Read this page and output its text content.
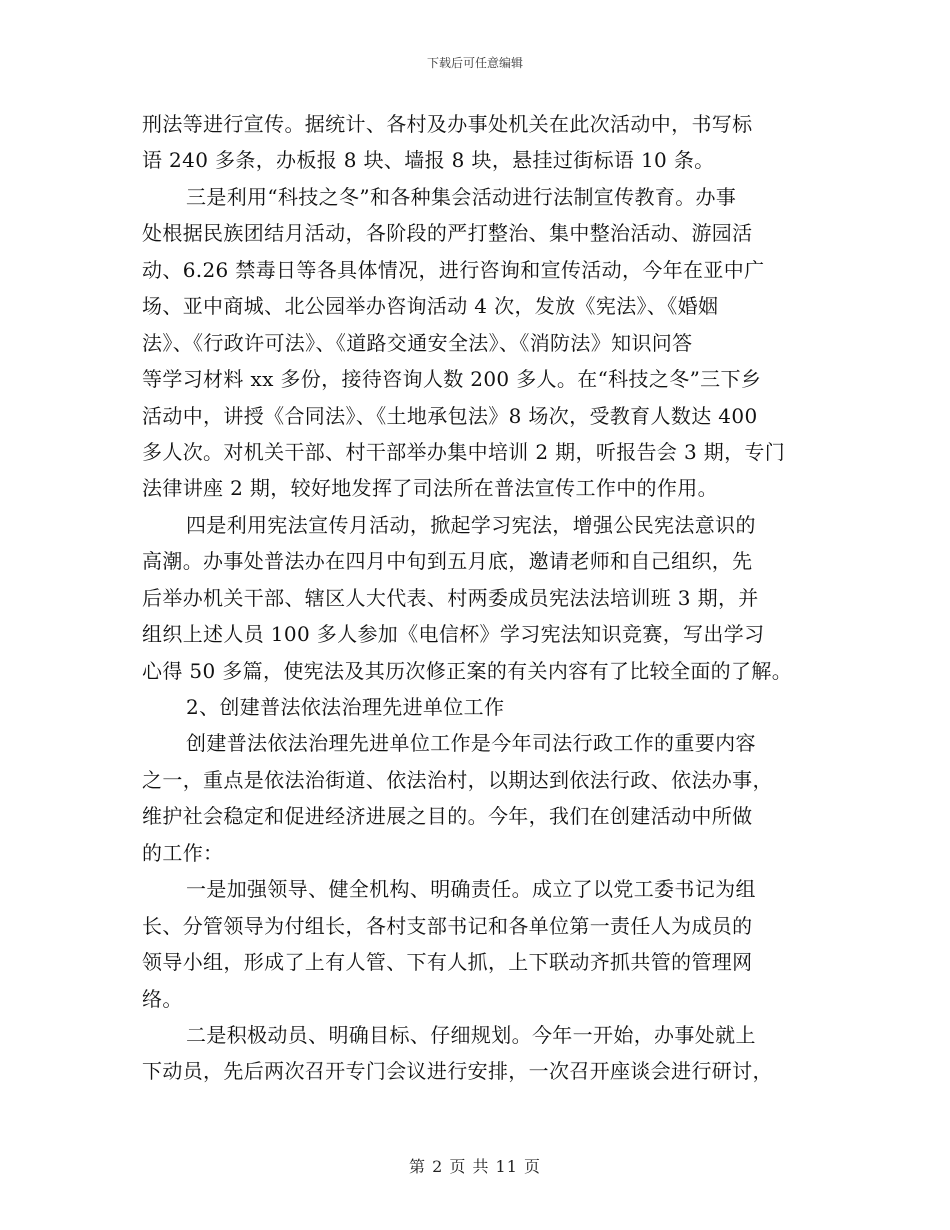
下载后可任意编辑
刑法等进行宣传。据统计、各村及办事处机关在此次活动中，书写标
语 240 多条，办板报 8 块、墙报 8 块，悬挂过街标语 10 条。
三是利用“科技之冬”和各种集会活动进行法制宣传教育。办事
处根据民族团结月活动，各阶段的严打整治、集中整治活动、游园活
动、6.26 禁毒日等各具体情况，进行咨询和宣传活动，今年在亚中广
场、亚中商城、北公园举办咨询活动 4 次，发放《宪法》、《婚姻
法》、《行政许可法》、《道路交通安全法》、《消防法》知识问答
等学习材料 xx 多份，接待咨询人数 200 多人。在“科技之冬”三下乡
活动中，讲授《合同法》、《土地承包法》8 场次，受教育人数达 400
多人次。对机关干部、村干部举办集中培训 2 期，听报告会 3 期，专门
法律讲座 2 期，较好地发挥了司法所在普法宣传工作中的作用。
四是利用宪法宣传月活动，掀起学习宪法，增强公民宪法意识的
高潮。办事处普法办在四月中旬到五月底，邀请老师和自己组织，先
后举办机关干部、辖区人大代表、村两委成员宪法法培训班 3 期，并
组织上述人员 100 多人参加《电信杯》学习宪法知识竞赛，写出学习
心得 50 多篇，使宪法及其历次修正案的有关内容有了比较全面的了解。
2、创建普法依法治理先进单位工作
创建普法依法治理先进单位工作是今年司法行政工作的重要内容
之一，重点是依法治街道、依法治村，以期达到依法行政、依法办事，
维护社会稳定和促进经济进展之目的。今年，我们在创建活动中所做
的工作：
一是加强领导、健全机构、明确责任。成立了以党工委书记为组
长、分管领导为付组长，各村支部书记和各单位第一责任人为成员的
领导小组，形成了上有人管、下有人抓，上下联动齐抓共管的管理网
络。
二是积极动员、明确目标、仔细规划。今年一开始，办事处就上
下动员，先后两次召开专门会议进行安排，一次召开座谈会进行研讨，
第 2 页 共 11 页
